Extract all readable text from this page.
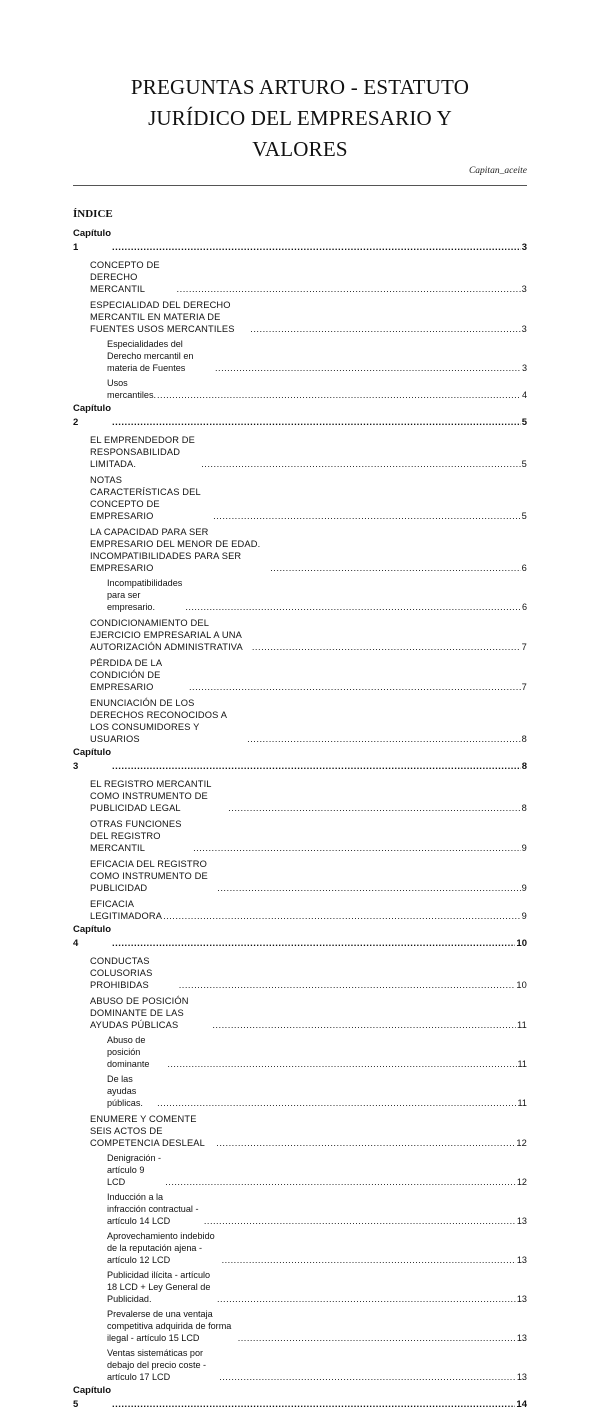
PREGUNTAS ARTURO - ESTATUTO
JURÍDICO DEL EMPRESARIO Y
VALORES
Capitan_aceite
ÍNDICE
Capítulo 1 .....	3
CONCEPTO DE DERECHO MERCANTIL .....	3
ESPECIALIDAD DEL DERECHO MERCANTIL EN MATERIA DE FUENTES USOS MERCANTILES .....	3
Especialidades del Derecho mercantil en materia de Fuentes .....	3
Usos mercantiles. .....	4
Capítulo 2 .....	5
EL EMPRENDEDOR DE RESPONSABILIDAD LIMITADA. .....	5
NOTAS CARACTERÍSTICAS DEL CONCEPTO DE EMPRESARIO .....	5
LA CAPACIDAD PARA SER EMPRESARIO DEL MENOR DE EDAD. INCOMPATIBILIDADES PARA SER EMPRESARIO .....	6
Incompatibilidades para ser empresario. .....	6
CONDICIONAMIENTO DEL EJERCICIO EMPRESARIAL A UNA AUTORIZACIÓN ADMINISTRATIVA .....	7
PÉRDIDA DE LA CONDICIÓN DE EMPRESARIO .....	7
ENUNCIACIÓN DE LOS DERECHOS RECONOCIDOS A LOS CONSUMIDORES Y USUARIOS .....	8
Capítulo 3 .....	8
EL REGISTRO MERCANTIL COMO INSTRUMENTO DE PUBLICIDAD LEGAL .....	8
OTRAS FUNCIONES DEL REGISTRO MERCANTIL .....	9
EFICACIA DEL REGISTRO COMO INSTRUMENTO DE PUBLICIDAD .....	9
EFICACIA LEGITIMADORA .....	9
Capítulo 4 .....	10
CONDUCTAS COLUSORIAS PROHIBIDAS .....	10
ABUSO DE POSICIÓN DOMINANTE DE LAS AYUDAS PÚBLICAS .....	11
Abuso de posición dominante .....	11
De las ayudas públicas. .....	11
ENUMERE Y COMENTE SEIS ACTOS DE COMPETENCIA DESLEAL .....	12
Denigración - artículo 9 LCD .....	12
Inducción a la infracción contractual - artículo 14 LCD .....	13
Aprovechamiento indebido de la reputación ajena - artículo 12 LCD .....	13
Publicidad ilícita - artículo 18 LCD + Ley General de Publicidad. .....	13
Prevalerse de una ventaja competitiva adquirida de forma ilegal - artículo 15 LCD .....	13
Ventas sistemáticas por debajo del precio coste - artículo 17 LCD .....	13
Capítulo 5 .....	14
